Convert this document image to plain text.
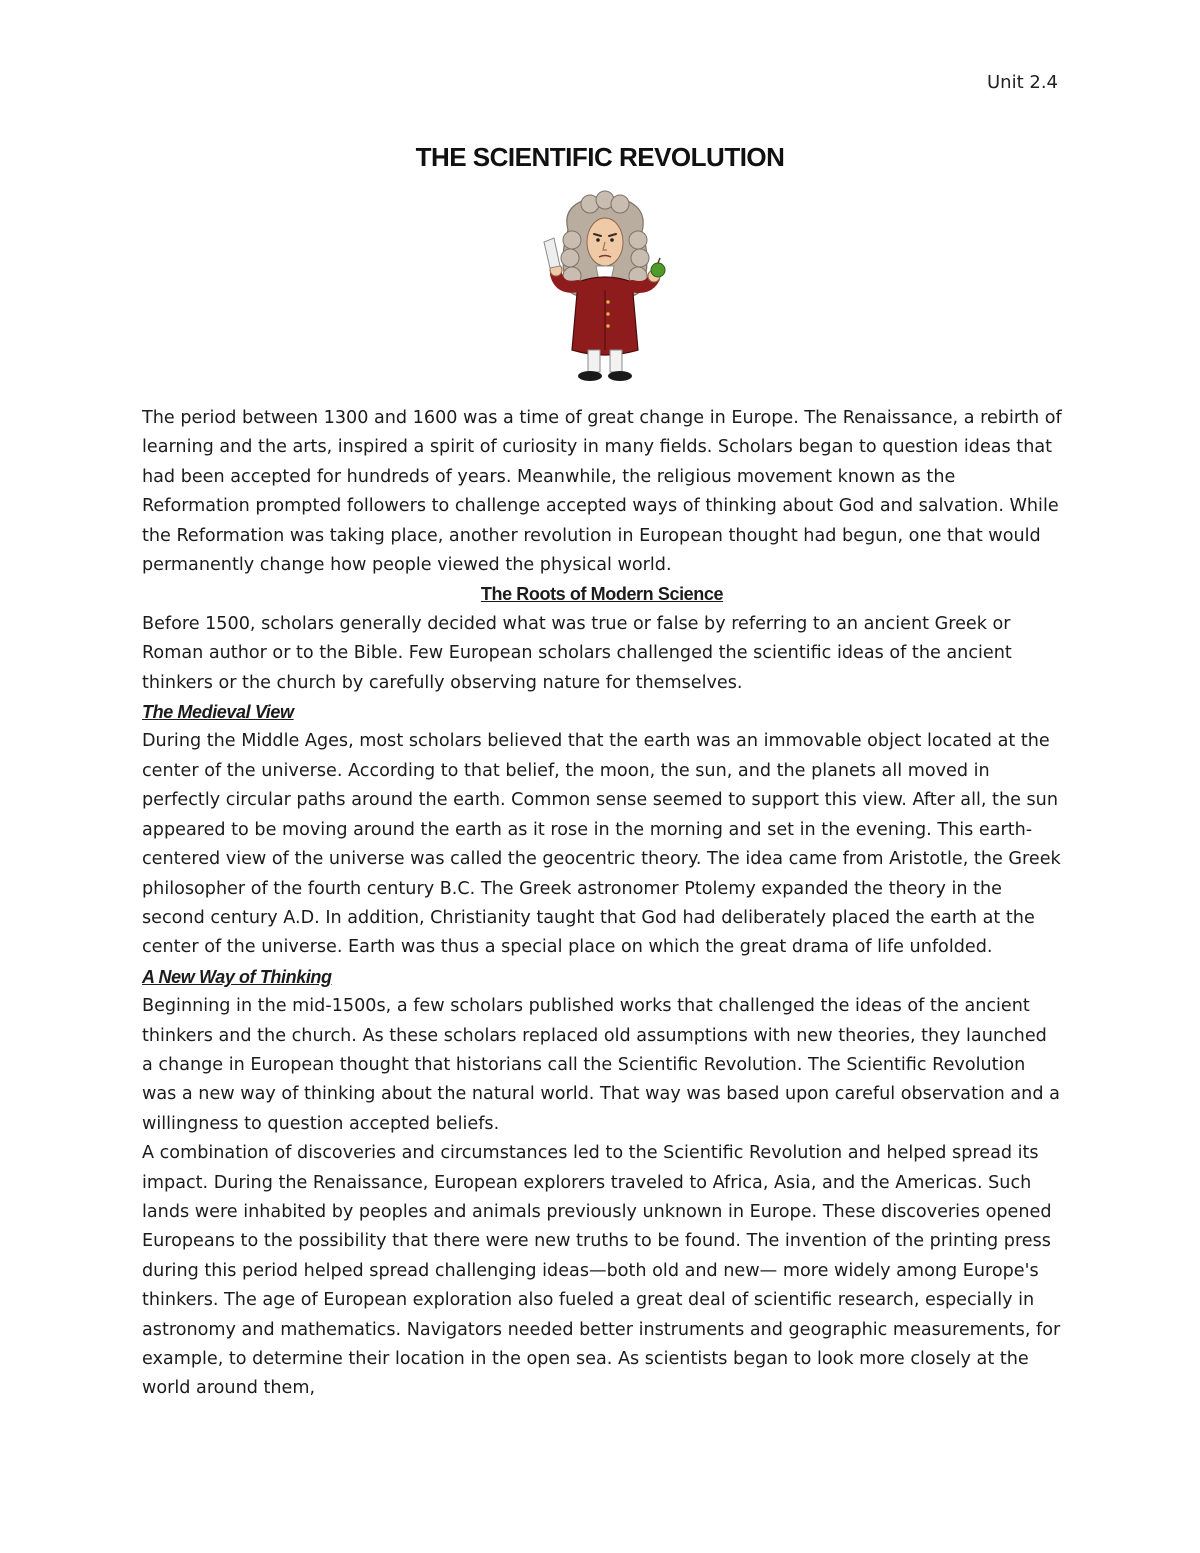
Unit 2.4
THE SCIENTIFIC REVOLUTION

The period between 1300 and 1600 was a time of great change in Europe. The Renaissance, a rebirth of learning and the arts, inspired a spirit of curiosity in many fields. Scholars began to question ideas that had been accepted for hundreds of years. Meanwhile, the religious movement known as the Reformation prompted followers to challenge accepted ways of thinking about God and salvation. While the Reformation was taking place, another revolution in European thought had begun, one that would permanently change how people viewed the physical world.

The Roots of Modern Science

Before 1500, scholars generally decided what was true or false by referring to an ancient Greek or Roman author or to the Bible. Few European scholars challenged the scientific ideas of the ancient thinkers or the church by carefully observing nature for themselves.

The Medieval View

During the Middle Ages, most scholars believed that the earth was an immovable object located at the center of the universe. According to that belief, the moon, the sun, and the planets all moved in perfectly circular paths around the earth. Common sense seemed to support this view. After all, the sun appeared to be moving around the earth as it rose in the morning and set in the evening. This earth-centered view of the universe was called the geocentric theory. The idea came from Aristotle, the Greek philosopher of the fourth century B.C. The Greek astronomer Ptolemy expanded the theory in the second century A.D. In addition, Christianity taught that God had deliberately placed the earth at the center of the universe. Earth was thus a special place on which the great drama of life unfolded.

A New Way of Thinking

Beginning in the mid-1500s, a few scholars published works that challenged the ideas of the ancient thinkers and the church. As these scholars replaced old assumptions with new theories, they launched a change in European thought that historians call the Scientific Revolution. The Scientific Revolution was a new way of thinking about the natural world. That way was based upon careful observation and a willingness to question accepted beliefs.

A combination of discoveries and circumstances led to the Scientific Revolution and helped spread its impact. During the Renaissance, European explorers traveled to Africa, Asia, and the Americas. Such lands were inhabited by peoples and animals previously unknown in Europe. These discoveries opened Europeans to the possibility that there were new truths to be found. The invention of the printing press during this period helped spread challenging ideas—both old and new— more widely among Europe's thinkers. The age of European exploration also fueled a great deal of scientific research, especially in astronomy and mathematics. Navigators needed better instruments and geographic measurements, for example, to determine their location in the open sea. As scientists began to look more closely at the world around them,
